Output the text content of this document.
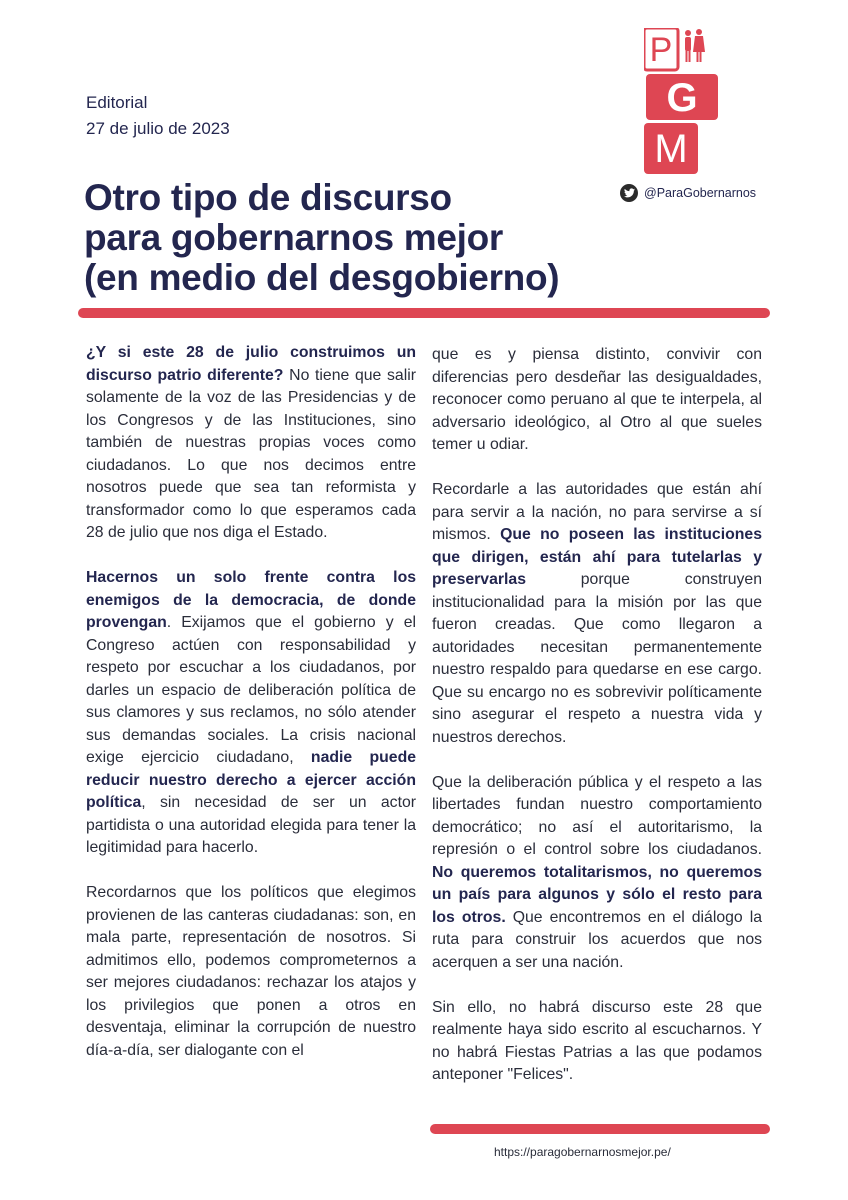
Editorial
27 de julio de 2023
Otro tipo de discurso
para gobernarnos mejor
(en medio del desgobierno)
P
G
M
@ParaGobernarnos

¿Y si este 28 de julio construimos un discurso patrio diferente? No tiene que salir solamente de la voz de las Presidencias y de los Congresos y de las Instituciones, sino también de nuestras propias voces como ciudadanos. Lo que nos decimos entre nosotros puede que sea tan reformista y transformador como lo que esperamos cada 28 de julio que nos diga el Estado.

Hacernos un solo frente contra los enemigos de la democracia, de donde provengan. Exijamos que el gobierno y el Congreso actúen con responsabilidad y respeto por escuchar a los ciudadanos, por darles un espacio de deliberación política de sus clamores y sus reclamos, no sólo atender sus demandas sociales. La crisis nacional exige ejercicio ciudadano, nadie puede reducir nuestro derecho a ejercer acción política, sin necesidad de ser un actor partidista o una autoridad elegida para tener la legitimidad para hacerlo.

Recordarnos que los políticos que elegimos provienen de las canteras ciudadanas: son, en mala parte, representación de nosotros. Si admitimos ello, podemos comprometernos a ser mejores ciudadanos: rechazar los atajos y los privilegios que ponen a otros en desventaja, eliminar la corrupción de nuestro día-a-día, ser dialogante con el

que es y piensa distinto, convivir con diferencias pero desdeñar las desigualdades, reconocer como peruano al que te interpela, al adversario ideológico, al Otro al que sueles temer u odiar.

Recordarle a las autoridades que están ahí para servir a la nación, no para servirse a sí mismos. Que no poseen las instituciones que dirigen, están ahí para tutelarlas y preservarlas porque construyen institucionalidad para la misión por las que fueron creadas. Que como llegaron a autoridades necesitan permanentemente nuestro respaldo para quedarse en ese cargo. Que su encargo no es sobrevivir políticamente sino asegurar el respeto a nuestra vida y nuestros derechos.

Que la deliberación pública y el respeto a las libertades fundan nuestro comportamiento democrático; no así el autoritarismo, la represión o el control sobre los ciudadanos. No queremos totalitarismos, no queremos un país para algunos y sólo el resto para los otros. Que encontremos en el diálogo la ruta para construir los acuerdos que nos acerquen a ser una nación.

Sin ello, no habrá discurso este 28 que realmente haya sido escrito al escucharnos. Y no habrá Fiestas Patrias a las que podamos anteponer "Felices".

https://paragobernarnosmejor.pe/
